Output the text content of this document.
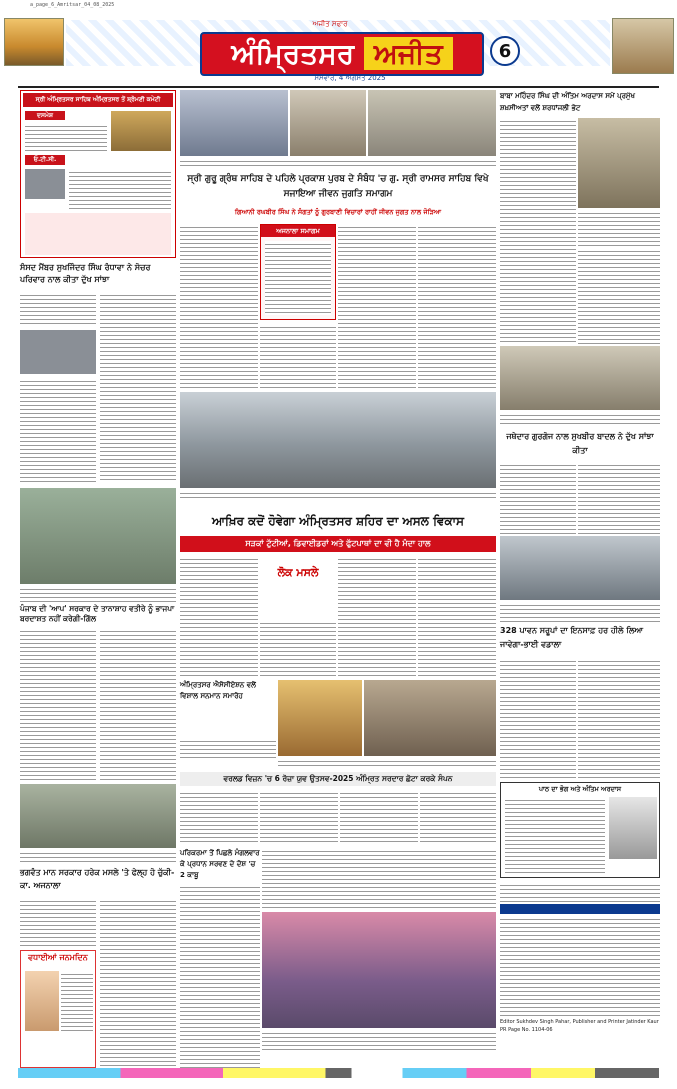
a_page_6_Amritsar_04_08_2025
ਅਜੀਤ ਸਫਾਰ
ਅੰਮ੍ਰਿਤਸਰ ਅਜੀਤ	6
ਸੋਮਵਾਰ, 4 ਅਗਸਤ 2025
ਸ੍ਰੀ ਅੰਮ੍ਰਿਤਸਰ ਸਾਹਿਬ ਅੰਮ੍ਰਿਤਸਰ ਤੋਂ ਸ਼੍ਰੋਮਣੀ ਕਮੇਟੀ
ਦਸਮੇਸ਼
ਓ.ਟੀ.ਸੀ.
ਸੰਸਦ ਮੈਂਬਰ ਸੁਖਜਿੰਦਰ ਸਿੰਘ ਰੰਧਾਵਾ ਨੇ ਸੋਚਰ ਪਰਿਵਾਰ ਨਾਲ ਕੀਤਾ ਦੁੱਖ ਸਾਂਝਾ
ਪੰਜਾਬ ਦੀ 'ਆਪ' ਸਰਕਾਰ ਦੇ ਤਾਨਾਸ਼ਾਹ ਵਤੀਰੇ ਨੂੰ ਭਾਜਪਾ ਬਰਦਾਸ਼ਤ ਨਹੀਂ ਕਰੇਗੀ-ਗਿੱਲ
ਭਗਵੰਤ ਮਾਨ ਸਰਕਾਰ ਹਰੇਕ ਮਸਲੇ 'ਤੇ ਫੇਲ੍ਹ ਹੋ ਚੁੱਕੀ- ਕਾ. ਅਜਨਾਲਾ
ਵਧਾਈਆਂ ਜਨਮਦਿਨ
ਸ੍ਰੀ ਗੁਰੂ ਗ੍ਰੰਥ ਸਾਹਿਬ ਦੇ ਪਹਿਲੇ ਪ੍ਰਕਾਸ਼ ਪੁਰਬ ਦੇ ਸੰਬੰਧ 'ਚ ਗੁ. ਸ੍ਰੀ ਰਾਮਸਰ ਸਾਹਿਬ ਵਿਖੇ ਸਜਾਇਆ ਜੀਵਨ ਜੁਗਤਿ ਸਮਾਗਮ
ਗਿਆਨੀ ਰਘਬੀਰ ਸਿੰਘ ਨੇ ਸੰਗਤਾਂ ਨੂੰ ਗੁਰਬਾਣੀ ਵਿਚਾਰਾਂ ਰਾਹੀਂ ਜੀਵਨ ਜੁਗਤ ਨਾਲ ਜੋੜਿਆ
ਅਜਨਾਲਾ ਸਮਾਗਮ
ਆਖ਼ਿਰ ਕਦੋਂ ਹੋਵੇਗਾ ਅੰਮ੍ਰਿਤਸਰ ਸ਼ਹਿਰ ਦਾ ਅਸਲ ਵਿਕਾਸ
ਸੜਕਾਂ ਟੁੱਟੀਆਂ, ਡਿਵਾਈਡਰਾਂ ਅਤੇ ਫੁੱਟਪਾਥਾਂ ਦਾ ਵੀ ਹੈ ਮੰਦਾ ਹਾਲ
ਲੋਕ ਮਸਲੇ
ਅੰਮ੍ਰਿਤਸਰ ਐਸੋਸੀਏਸ਼ਨ ਵਲੋਂ ਵਿਸ਼ਾਲ ਸਨਮਾਨ ਸਮਾਰੋਹ
ਵਰਲਡ ਵਿਜ਼ਨ 'ਚ 6 ਰੋਜ਼ਾ ਯੁਵ ਉਤਸਵ-2025 ਅੰਮ੍ਰਿਤ ਸਰਦਾਰ ਛੋਟਾ ਕਰਕੇ ਸੰਪਨ
ਪਰਿਕਰਮਾ ਤੋਂ ਪਿਛਲੇ ਮੰਗਲਵਾਰ ਕੇ ਪ੍ਰਧਾਨ ਸਰਵਣ ਦੇ ਦੋਸ਼ 'ਚ 2 ਕਾਬੂ
ਬਾਬਾ ਮਹਿੰਦਰ ਸਿੰਘ ਦੀ ਅੰਤਿਮ ਅਰਦਾਸ ਸਮੇਂ ਪ੍ਰਮੁੱਖ ਸ਼ਖ਼ਸੀਅਤਾਂ ਵਲੋਂ ਸ਼ਰਧਾਂਜਲੀ ਭੇਟ
ਜਥੇਦਾਰ ਗੁਰਗੋਜ ਨਾਲ ਸੁਖਬੀਰ ਬਾਦਲ ਨੇ ਦੁੱਖ ਸਾਂਝਾ ਕੀਤਾ
328 ਪਾਵਨ ਸਰੂਪਾਂ ਦਾ ਇਨਸਾਫ਼ ਹਰ ਹੀਲੇ ਲਿਆ ਜਾਵੇਗਾ-ਭਾਈ ਵਡਾਲਾ
ਪਾਠ ਦਾ ਭੋਗ ਅਤੇ ਅੰਤਿਮ ਅਰਦਾਸ
Editor Sukhdev Singh Pahar, Publisher and Printer Jatinder Kaur
PR Page No. 1104-06
